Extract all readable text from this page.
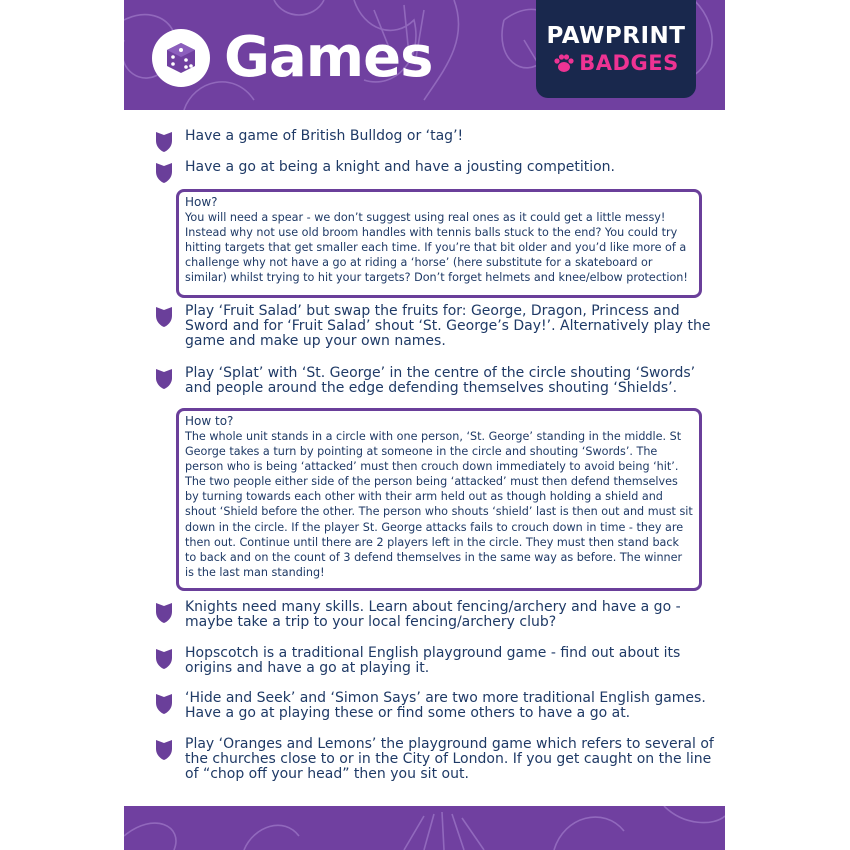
Games	PAWPRINT
BADGES
Have a game of British Bulldog or ‘tag’!
Have a go at being a knight and have a jousting competition.
How?
You will need a spear - we don’t suggest using real ones as it could get a little messy! Instead why not use old broom handles with tennis balls stuck to the end? You could try hitting targets that get smaller each time. If you’re that bit older and you’d like more of a challenge why not have a go at riding a ‘horse’ (here substitute for a skateboard or similar) whilst trying to hit your targets? Don’t forget helmets and knee/elbow protection!
Play ‘Fruit Salad’ but swap the fruits for: George, Dragon, Princess and Sword and for ‘Fruit Salad’ shout ‘St. George’s Day!’. Alternatively play the game and make up your own names.
Play ‘Splat’ with ‘St. George’ in the centre of the circle shouting ‘Swords’ and people around the edge defending themselves shouting ‘Shields’.
How to?
The whole unit stands in a circle with one person, ‘St. George’ standing in the middle. St George takes a turn by pointing at someone in the circle and shouting ‘Swords’. The person who is being ‘attacked’ must then crouch down immediately to avoid being ‘hit’. The two people either side of the person being ‘attacked’ must then defend themselves by turning towards each other with their arm held out as though holding a shield and shout ‘Shield before the other. The person who shouts ‘shield’ last is then out and must sit down in the circle. If the player St. George attacks fails to crouch down in time - they are then out. Continue until there are 2 players left in the circle. They must then stand back to back and on the count of 3 defend themselves in the same way as before. The winner is the last man standing!
Knights need many skills. Learn about fencing/archery and have a go - maybe take a trip to your local fencing/archery club?
Hopscotch is a traditional English playground game - find out about its origins and have a go at playing it.
‘Hide and Seek’ and ‘Simon Says’ are two more traditional English games. Have a go at playing these or find some others to have a go at.
Play ‘Oranges and Lemons’ the playground game which refers to several of the churches close to or in the City of London. If you get caught on the line of “chop off your head” then you sit out.
